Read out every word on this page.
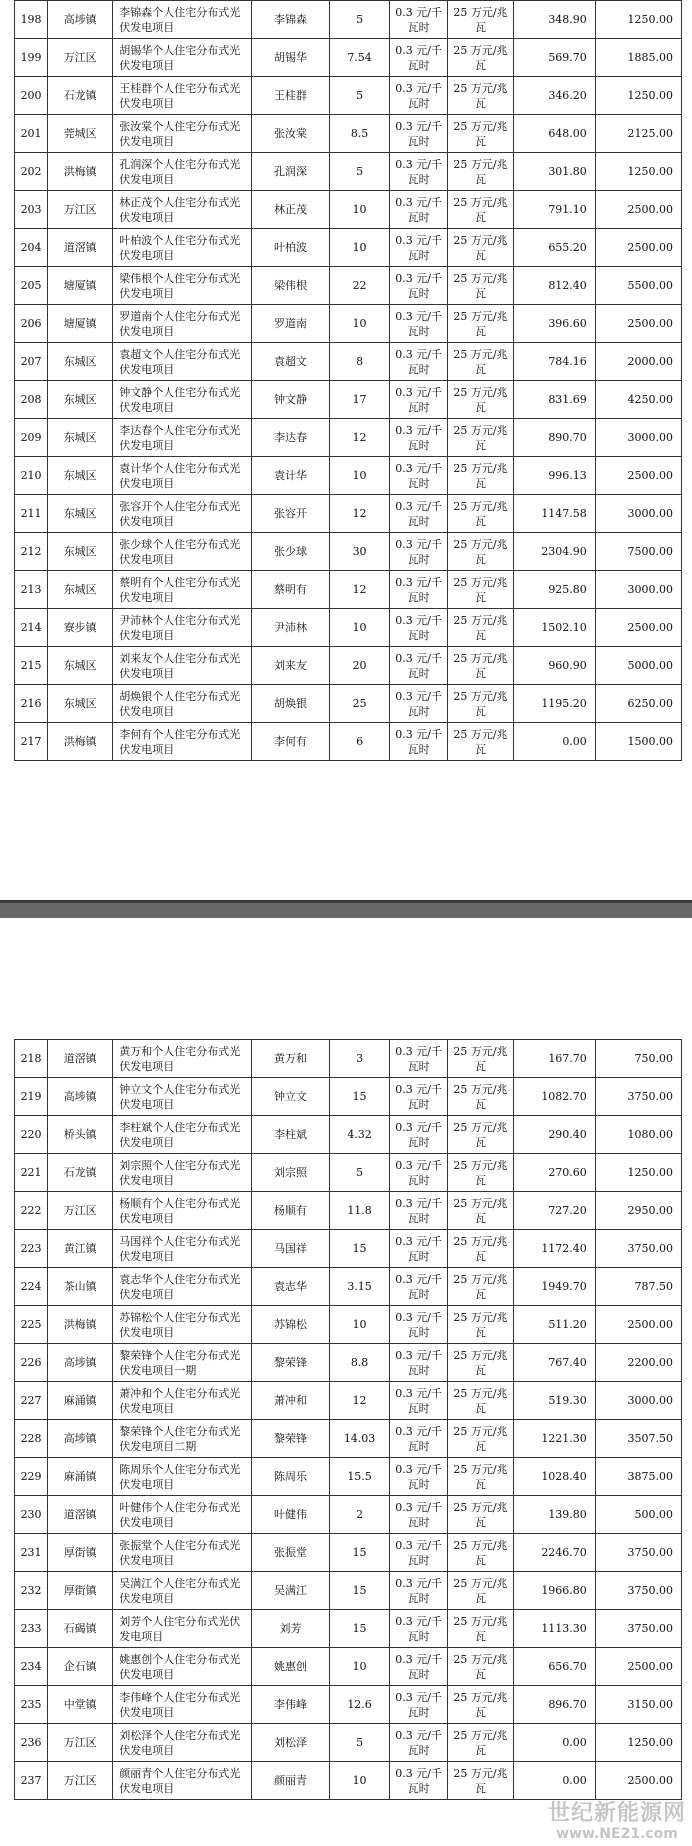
198	高埗镇	李锦森个人住宅分布式光伏发电项目	李锦森	5	0.3 元/千瓦时	25 万元/兆瓦	348.90	1250.00
199	万江区	胡锡华个人住宅分布式光伏发电项目	胡锡华	7.54	0.3 元/千瓦时	25 万元/兆瓦	569.70	1885.00
200	石龙镇	王桂群个人住宅分布式光伏发电项目	王桂群	5	0.3 元/千瓦时	25 万元/兆瓦	346.20	1250.00
201	莞城区	张汝棠个人住宅分布式光伏发电项目	张汝棠	8.5	0.3 元/千瓦时	25 万元/兆瓦	648.00	2125.00
202	洪梅镇	孔润深个人住宅分布式光伏发电项目	孔润深	5	0.3 元/千瓦时	25 万元/兆瓦	301.80	1250.00
203	万江区	林正茂个人住宅分布式光伏发电项目	林正茂	10	0.3 元/千瓦时	25 万元/兆瓦	791.10	2500.00
204	道滘镇	叶柏波个人住宅分布式光伏发电项目	叶柏波	10	0.3 元/千瓦时	25 万元/兆瓦	655.20	2500.00
205	塘厦镇	梁伟根个人住宅分布式光伏发电项目	梁伟根	22	0.3 元/千瓦时	25 万元/兆瓦	812.40	5500.00
206	塘厦镇	罗道南个人住宅分布式光伏发电项目	罗道南	10	0.3 元/千瓦时	25 万元/兆瓦	396.60	2500.00
207	东城区	袁超文个人住宅分布式光伏发电项目	袁超文	8	0.3 元/千瓦时	25 万元/兆瓦	784.16	2000.00
208	东城区	钟文静个人住宅分布式光伏发电项目	钟文静	17	0.3 元/千瓦时	25 万元/兆瓦	831.69	4250.00
209	东城区	李达春个人住宅分布式光伏发电项目	李达春	12	0.3 元/千瓦时	25 万元/兆瓦	890.70	3000.00
210	东城区	袁计华个人住宅分布式光伏发电项目	袁计华	10	0.3 元/千瓦时	25 万元/兆瓦	996.13	2500.00
211	东城区	张容开个人住宅分布式光伏发电项目	张容开	12	0.3 元/千瓦时	25 万元/兆瓦	1147.58	3000.00
212	东城区	张少球个人住宅分布式光伏发电项目	张少球	30	0.3 元/千瓦时	25 万元/兆瓦	2304.90	7500.00
213	东城区	蔡明有个人住宅分布式光伏发电项目	蔡明有	12	0.3 元/千瓦时	25 万元/兆瓦	925.80	3000.00
214	寮步镇	尹沛林个人住宅分布式光伏发电项目	尹沛林	10	0.3 元/千瓦时	25 万元/兆瓦	1502.10	2500.00
215	东城区	刘来友个人住宅分布式光伏发电项目	刘来友	20	0.3 元/千瓦时	25 万元/兆瓦	960.90	5000.00
216	东城区	胡焕银个人住宅分布式光伏发电项目	胡焕银	25	0.3 元/千瓦时	25 万元/兆瓦	1195.20	6250.00
217	洪梅镇	李何有个人住宅分布式光伏发电项目	李何有	6	0.3 元/千瓦时	25 万元/兆瓦	0.00	1500.00
218	道滘镇	黄万和个人住宅分布式光伏发电项目	黄万和	3	0.3 元/千瓦时	25 万元/兆瓦	167.70	750.00
219	高埗镇	钟立文个人住宅分布式光伏发电项目	钟立文	15	0.3 元/千瓦时	25 万元/兆瓦	1082.70	3750.00
220	桥头镇	李柱斌个人住宅分布式光伏发电项目	李柱斌	4.32	0.3 元/千瓦时	25 万元/兆瓦	290.40	1080.00
221	石龙镇	刘宗照个人住宅分布式光伏发电项目	刘宗照	5	0.3 元/千瓦时	25 万元/兆瓦	270.60	1250.00
222	万江区	杨顺有个人住宅分布式光伏发电项目	杨顺有	11.8	0.3 元/千瓦时	25 万元/兆瓦	727.20	2950.00
223	黄江镇	马国祥个人住宅分布式光伏发电项目	马国祥	15	0.3 元/千瓦时	25 万元/兆瓦	1172.40	3750.00
224	茶山镇	袁志华个人住宅分布式光伏发电项目	袁志华	3.15	0.3 元/千瓦时	25 万元/兆瓦	1949.70	787.50
225	洪梅镇	苏锦松个人住宅分布式光伏发电项目	苏锦松	10	0.3 元/千瓦时	25 万元/兆瓦	511.20	2500.00
226	高埗镇	黎荣锋个人住宅分布式光伏发电项目一期	黎荣锋	8.8	0.3 元/千瓦时	25 万元/兆瓦	767.40	2200.00
227	麻涌镇	萧冲和个人住宅分布式光伏发电项目	萧冲和	12	0.3 元/千瓦时	25 万元/兆瓦	519.30	3000.00
228	高埗镇	黎荣锋个人住宅分布式光伏发电项目二期	黎荣锋	14.03	0.3 元/千瓦时	25 万元/兆瓦	1221.30	3507.50
229	麻涌镇	陈周乐个人住宅分布式光伏发电项目	陈周乐	15.5	0.3 元/千瓦时	25 万元/兆瓦	1028.40	3875.00
230	道滘镇	叶健伟个人住宅分布式光伏发电项目	叶健伟	2	0.3 元/千瓦时	25 万元/兆瓦	139.80	500.00
231	厚街镇	张振堂个人住宅分布式光伏发电项目	张振堂	15	0.3 元/千瓦时	25 万元/兆瓦	2246.70	3750.00
232	厚街镇	吴满江个人住宅分布式光伏发电项目	吴满江	15	0.3 元/千瓦时	25 万元/兆瓦	1966.80	3750.00
233	石碣镇	刘芳个人住宅分布式光伏发电项目	刘芳	15	0.3 元/千瓦时	25 万元/兆瓦	1113.30	3750.00
234	企石镇	姚惠创个人住宅分布式光伏发电项目	姚惠创	10	0.3 元/千瓦时	25 万元/兆瓦	656.70	2500.00
235	中堂镇	李伟峰个人住宅分布式光伏发电项目	李伟峰	12.6	0.3 元/千瓦时	25 万元/兆瓦	896.70	3150.00
236	万江区	刘松泽个人住宅分布式光伏发电项目	刘松泽	5	0.3 元/千瓦时	25 万元/兆瓦	0.00	1250.00
237	万江区	颜丽青个人住宅分布式光伏发电项目	颜丽青	10	0.3 元/千瓦时	25 万元/兆瓦	0.00	2500.00
世纪新能源网
www.NE21.com
